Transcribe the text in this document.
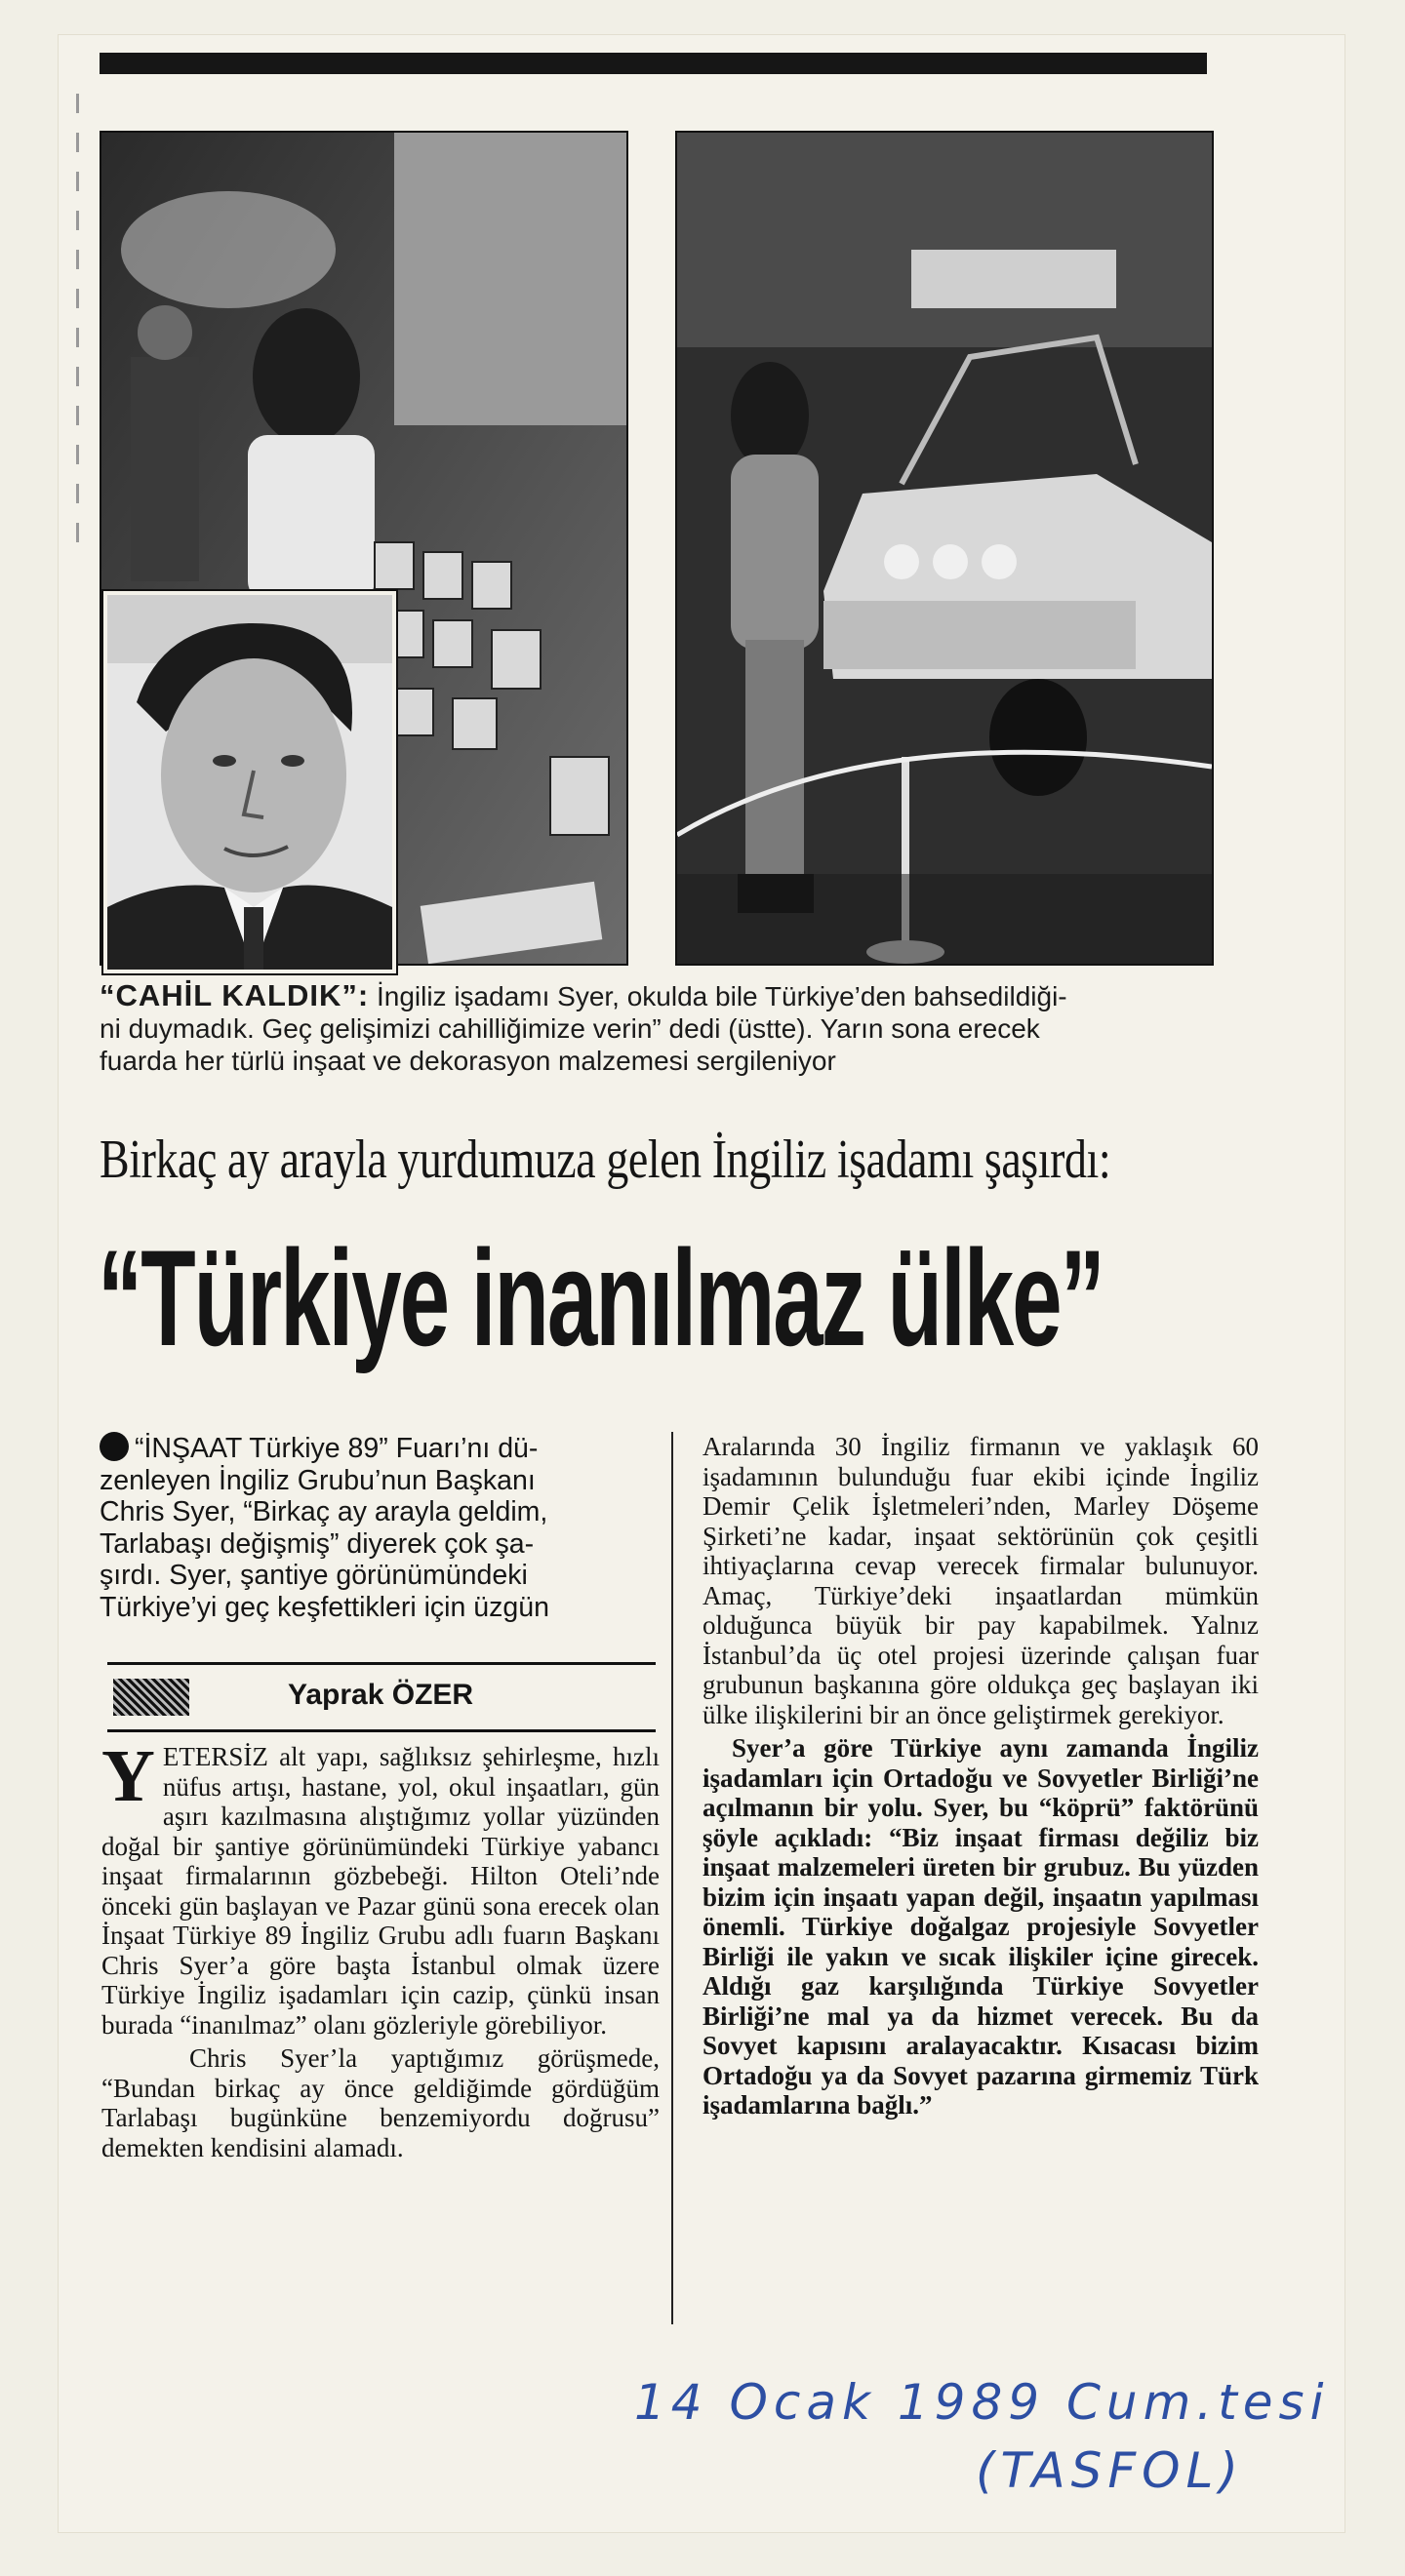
“CAHİL KALDIK”: İngiliz işadamı Syer, okulda bile Türkiye’den bahsedildiği-
ni duymadık. Geç gelişimizi cahilliğimize verin” dedi (üstte). Yarın sona erecek
fuarda her türlü inşaat ve dekorasyon malzemesi sergileniyor
Birkaç ay arayla yurdumuza gelen İngiliz işadamı şaşırdı:
“Türkiye inanılmaz ülke”
“İNŞAAT Türkiye 89” Fuarı’nı dü-
zenleyen İngiliz Grubu’nun Başkanı
Chris Syer, “Birkaç ay arayla geldim,
Tarlabaşı değişmiş” diyerek çok şa-
şırdı. Syer, şantiye görünümündeki
Türkiye’yi geç keşfettikleri için üzgün
Yaprak ÖZER
Y ETERSİZ alt yapı, sağlıksız şehirleşme, hızlı nüfus artışı, hastane, yol, okul inşaatları, gün aşırı kazılmasına alıştığımız yollar yüzünden doğal bir şantiye görünümündeki Türkiye yabancı inşaat firmalarının gözbebeği. Hilton Oteli’nde önceki gün başlayan ve Pazar günü sona erecek olan İnşaat Türkiye 89 İngiliz Grubu adlı fuarın Başkanı Chris Syer’a göre başta İstanbul olmak üzere Türkiye İngiliz işadamları için cazip, çünkü insan burada “inanılmaz” olanı gözleriyle görebiliyor.

Chris Syer’la yaptığımız görüşmede, “Bundan birkaç ay önce geldiğimde gördüğüm Tarlabaşı bugünküne benzemiyordu doğrusu” demekten kendisini alamadı.

Aralarında 30 İngiliz firmanın ve yaklaşık 60 işadamının bulunduğu fuar ekibi içinde İngiliz Demir Çelik İşletmeleri’nden, Marley Döşeme Şirketi’ne kadar, inşaat sektörünün çok çeşitli ihtiyaçlarına cevap verecek firmalar bulunuyor. Amaç, Türkiye’deki inşaatlardan mümkün olduğunca büyük bir pay kapabilmek. Yalnız İstanbul’da üç otel projesi üzerinde çalışan fuar grubunun başkanına göre oldukça geç başlayan iki ülke ilişkilerini bir an önce geliştirmek gerekiyor.

Syer’a göre Türkiye aynı zamanda İngiliz işadamları için Ortadoğu ve Sovyetler Birliği’ne açılmanın bir yolu. Syer, bu “köprü” faktörünü şöyle açıkladı: “Biz inşaat firması değiliz biz inşaat malzemeleri üreten bir grubuz. Bu yüzden bizim için inşaatı yapan değil, inşaatın yapılması önemli. Türkiye doğalgaz projesiyle Sovyetler Birliği ile yakın ve sıcak ilişkiler içine girecek. Aldığı gaz karşılığında Türkiye Sovyetler Birliği’ne mal ya da hizmet verecek. Bu da Sovyet kapısını aralayacaktır. Kısacası bizim Ortadoğu ya da Sovyet pazarına girmemiz Türk işadamlarına bağlı.”

14 Ocak 1989 Cum.tesi
(TASFOL)
